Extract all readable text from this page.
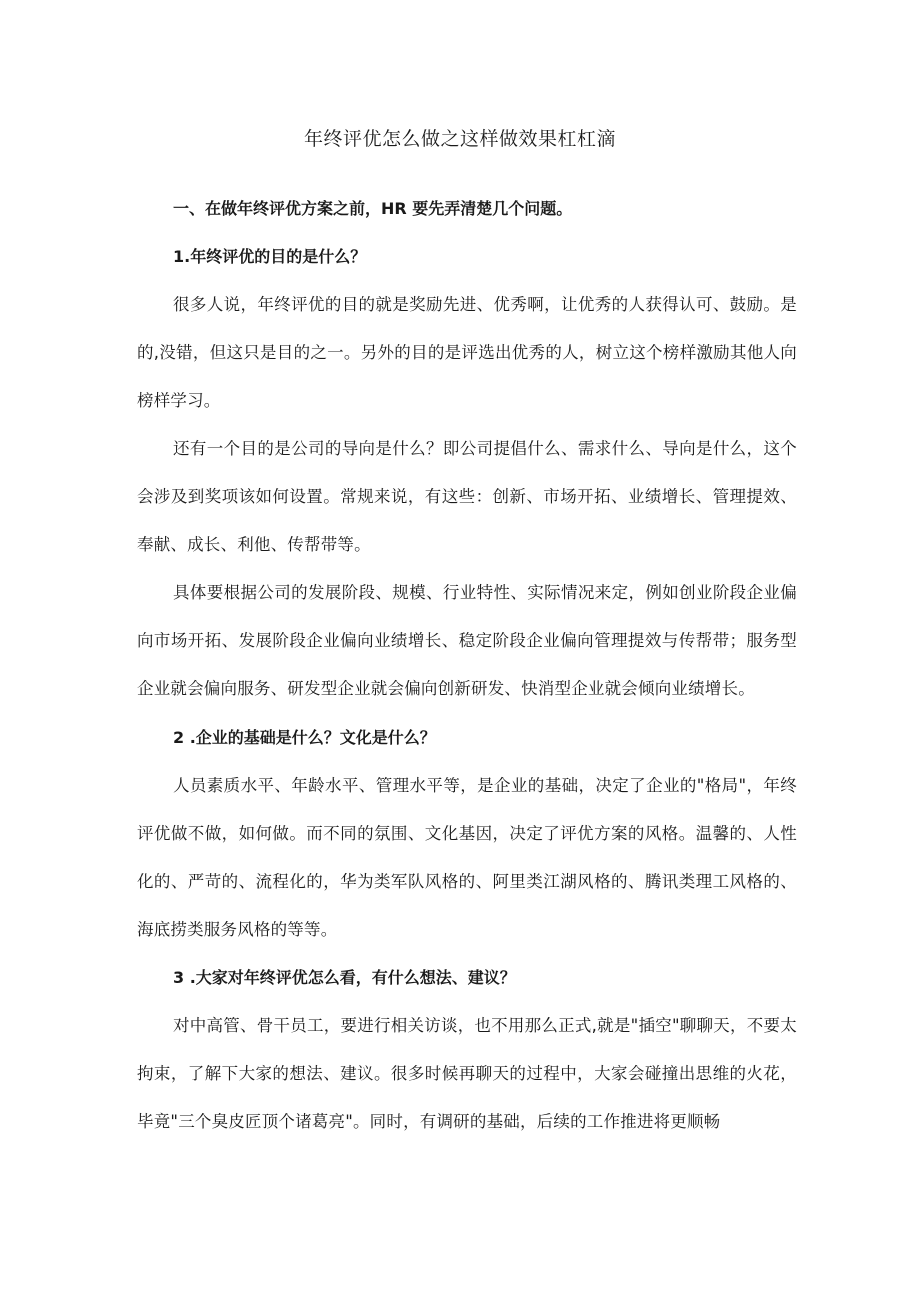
年终评优怎么做之这样做效果杠杠滴
一、在做年终评优方案之前，HR 要先弄清楚几个问题。
1.年终评优的目的是什么？
很多人说，年终评优的目的就是奖励先进、优秀啊，让优秀的人获得认可、鼓励。是的,没错，但这只是目的之一。另外的目的是评选出优秀的人，树立这个榜样激励其他人向榜样学习。
还有一个目的是公司的导向是什么？即公司提倡什么、需求什么、导向是什么，这个会涉及到奖项该如何设置。常规来说，有这些：创新、市场开拓、业绩增长、管理提效、奉献、成长、利他、传帮带等。
具体要根据公司的发展阶段、规模、行业特性、实际情况来定，例如创业阶段企业偏向市场开拓、发展阶段企业偏向业绩增长、稳定阶段企业偏向管理提效与传帮带；服务型企业就会偏向服务、研发型企业就会偏向创新研发、快消型企业就会倾向业绩增长。
2 .企业的基础是什么？文化是什么？
人员素质水平、年龄水平、管理水平等，是企业的基础，决定了企业的"格局"，年终评优做不做，如何做。而不同的氛围、文化基因，决定了评优方案的风格。温馨的、人性化的、严苛的、流程化的，华为类军队风格的、阿里类江湖风格的、腾讯类理工风格的、海底捞类服务风格的等等。
3 .大家对年终评优怎么看，有什么想法、建议？
对中高管、骨干员工，要进行相关访谈，也不用那么正式,就是"插空"聊聊天，不要太拘束，了解下大家的想法、建议。很多时候再聊天的过程中，大家会碰撞出思维的火花，毕竟"三个臭皮匠顶个诸葛亮"。同时，有调研的基础，后续的工作推进将更顺畅
